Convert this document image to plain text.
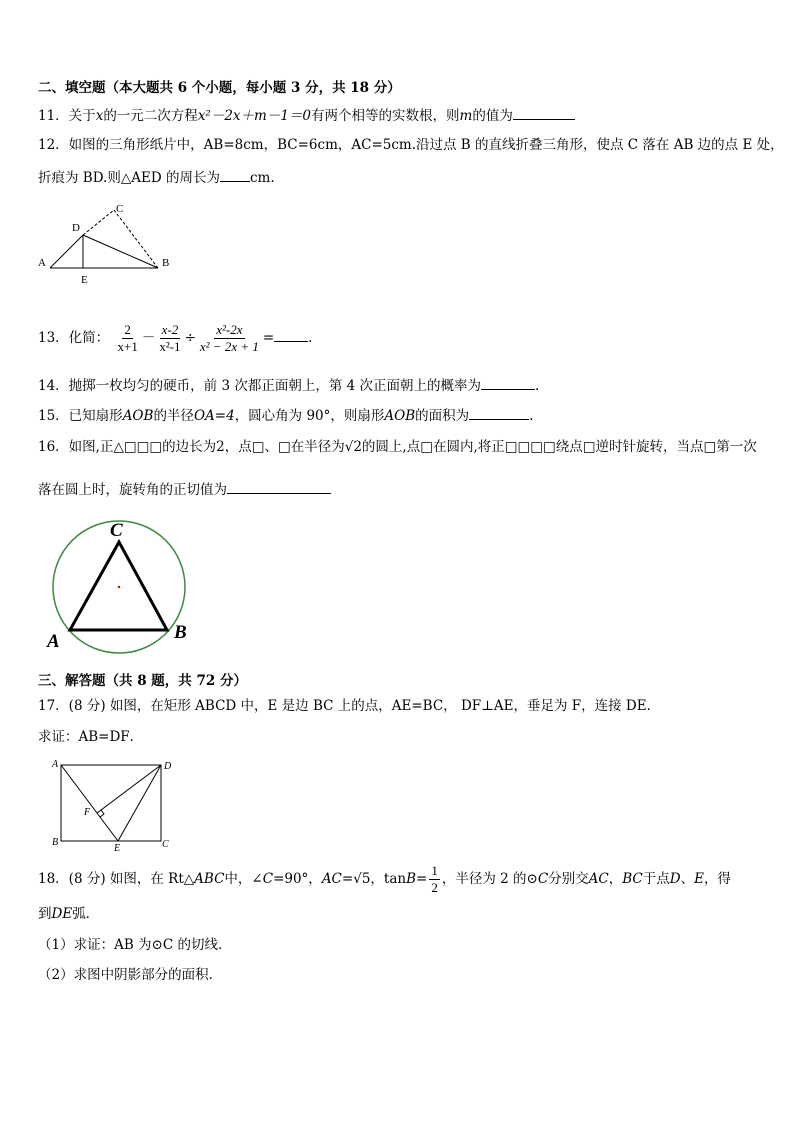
二、填空题（本大题共 6 个小题，每小题 3 分，共 18 分）
11．关于x的一元二次方程x²－2x＋m－1＝0有两个相等的实数根，则m的值为
12．如图的三角形纸片中，AB=8cm，BC=6cm，AC=5cm.沿过点 B 的直线折叠三角形，使点 C 落在 AB 边的点 E 处，
折痕为 BD.则△AED 的周长为 cm.
A	B
C
D
E
13．化简： $\frac{2}{x+1} - \frac{x-2}{\text{x²-1}} \div \frac{\text{x²-2x}}{\text{x² − 2x + 1}}$ =	.
14．抛掷一枚均匀的硬币，前 3 次都正面朝上，第 4 次正面朝上的概率为	.
15．已知扇形AOB的半径OA=4，圆心角为 90°，则扇形AOB的面积为	.
16．如图,正△□□□的边长为2，点□、□在半径为√2的圆上,点□在圆内,将正□□□□绕点□逆时针旋转，当点□第一次
落在圆上时，旋转角的正切值为
C
A	B
三、解答题（共 8 题，共 72 分）
17．(8 分) 如图，在矩形 ABCD 中，E 是边 BC 上的点，AE=BC， DF⊥AE，垂足为 F，连接 DE．
求证：AB=DF．
A	D
B	C
E
F
18．(8 分) 如图，在 Rt△ABC中，∠C=90°，AC=√5，$\tan B= \frac{1}{2}$ ，半径为 2 的⊙C分别交AC，BC于点D、E，得
到DE弧．
（1）求证：AB 为⊙C 的切线．
（2）求图中阴影部分的面积．
